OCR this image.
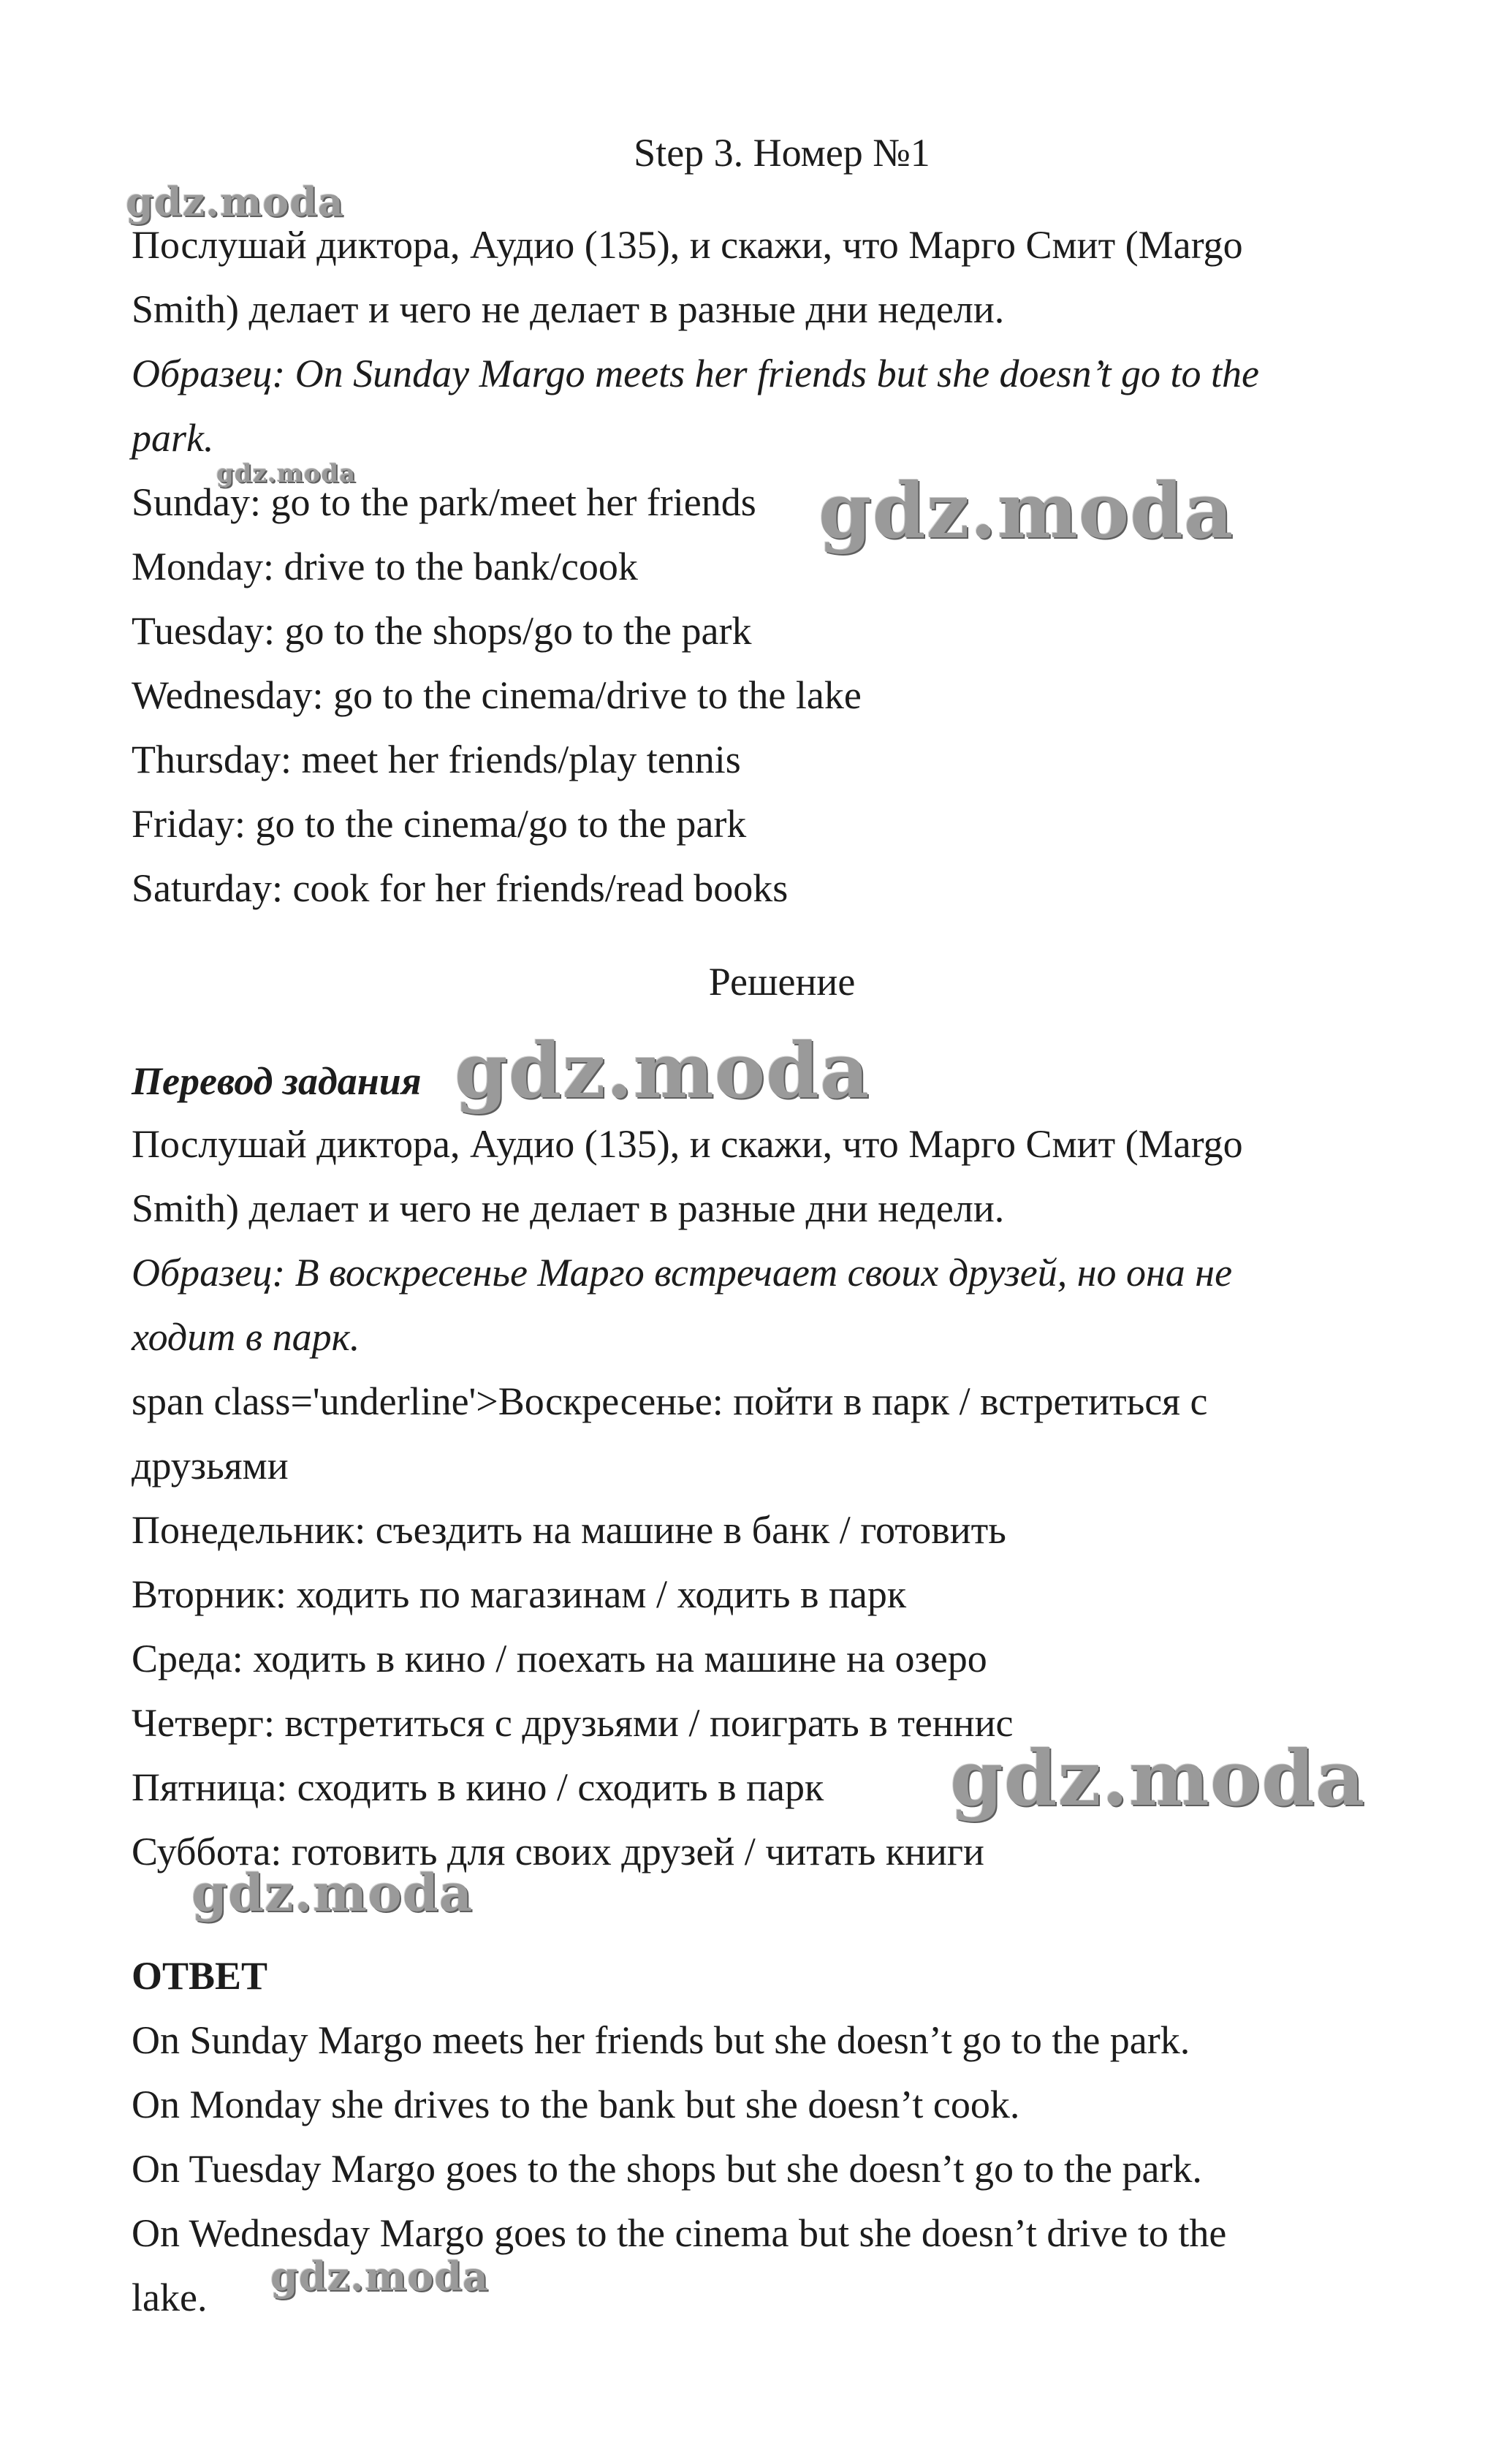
Step 3. Номер №1
Послушай диктора, Аудио (135), и скажи, что Марго Смит (Margo
Smith) делает и чего не делает в разные дни недели.
Образец: On Sunday Margo meets her friends but she doesn’t go to the
park.
Sunday: go to the park/meet her friends
Monday: drive to the bank/cook
Tuesday: go to the shops/go to the park
Wednesday: go to the cinema/drive to the lake
Thursday: meet her friends/play tennis
Friday: go to the cinema/go to the park
Saturday: cook for her friends/read books
Решение
Перевод задания
Послушай диктора, Аудио (135), и скажи, что Марго Смит (Margo
Smith) делает и чего не делает в разные дни недели.
Образец: В воскресенье Марго встречает своих друзей, но она не
ходит в парк.
span class='underline'>Воскресенье: пойти в парк / встретиться с
друзьями
Понедельник: съездить на машине в банк / готовить
Вторник: ходить по магазинам / ходить в парк
Среда: ходить в кино / поехать на машине на озеро
Четверг: встретиться с друзьями / поиграть в теннис
Пятница: сходить в кино / сходить в парк
Суббота: готовить для своих друзей / читать книги
ОТВЕТ
On Sunday Margo meets her friends but she doesn’t go to the park.
On Monday she drives to the bank but she doesn’t cook.
On Tuesday Margo goes to the shops but she doesn’t go to the park.
On Wednesday Margo goes to the cinema but she doesn’t drive to the
lake.
gdz.moda
gdz.moda	gdz.moda
gdz.moda
gdz.moda
gdz.moda
gdz.moda
